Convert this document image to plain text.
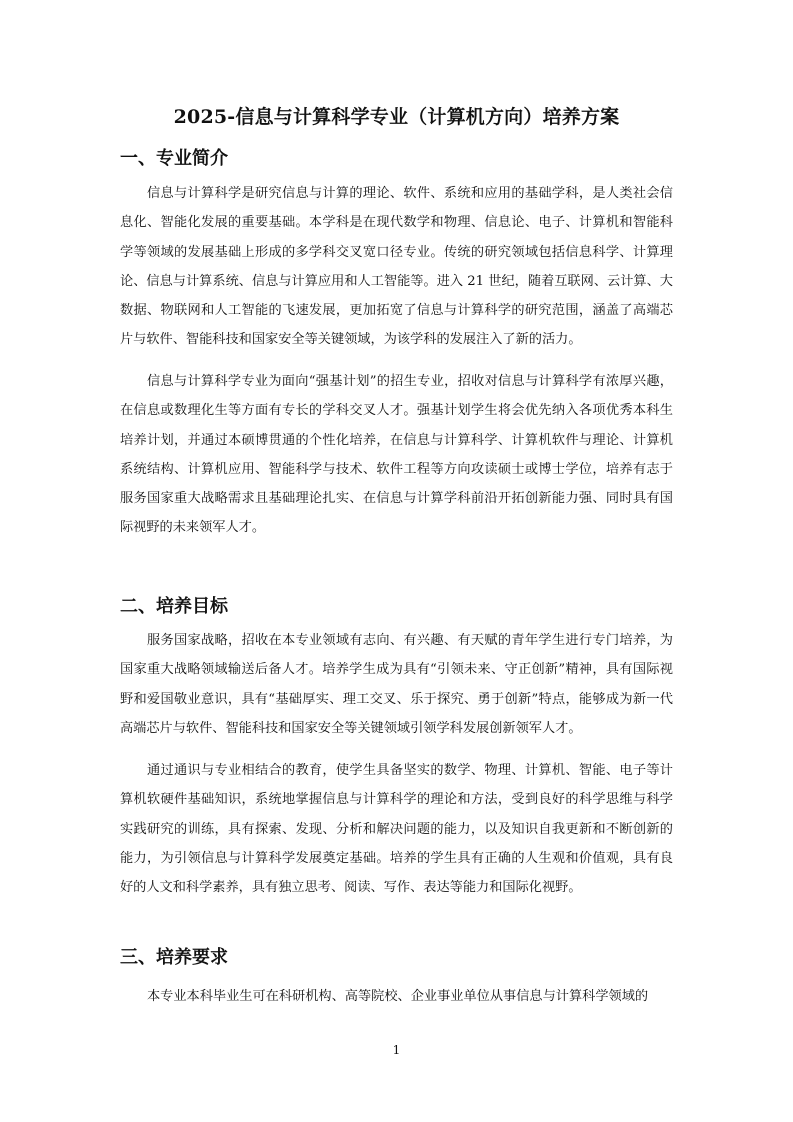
2025-信息与计算科学专业（计算机方向）培养方案
一、专业简介

信息与计算科学是研究信息与计算的理论、软件、系统和应用的基础学科，是人类社会信息化、智能化发展的重要基础。本学科是在现代数学和物理、信息论、电子、计算机和智能科学等领域的发展基础上形成的多学科交叉宽口径专业。传统的研究领域包括信息科学、计算理论、信息与计算系统、信息与计算应用和人工智能等。进入 21 世纪，随着互联网、云计算、大数据、物联网和人工智能的飞速发展，更加拓宽了信息与计算科学的研究范围，涵盖了高端芯片与软件、智能科技和国家安全等关键领域，为该学科的发展注入了新的活力。

信息与计算科学专业为面向“强基计划”的招生专业，招收对信息与计算科学有浓厚兴趣，在信息或数理化生等方面有专长的学科交叉人才。强基计划学生将会优先纳入各项优秀本科生培养计划，并通过本硕博贯通的个性化培养，在信息与计算科学、计算机软件与理论、计算机系统结构、计算机应用、智能科学与技术、软件工程等方向攻读硕士或博士学位，培养有志于服务国家重大战略需求且基础理论扎实、在信息与计算学科前沿开拓创新能力强、同时具有国际视野的未来领军人才。

二、培养目标

服务国家战略，招收在本专业领域有志向、有兴趣、有天赋的青年学生进行专门培养，为国家重大战略领域输送后备人才。培养学生成为具有“引领未来、守正创新”精神，具有国际视野和爱国敬业意识，具有“基础厚实、理工交叉、乐于探究、勇于创新”特点，能够成为新一代高端芯片与软件、智能科技和国家安全等关键领域引领学科发展创新领军人才。

通过通识与专业相结合的教育，使学生具备坚实的数学、物理、计算机、智能、电子等计算机软硬件基础知识，系统地掌握信息与计算科学的理论和方法，受到良好的科学思维与科学实践研究的训练，具有探索、发现、分析和解决问题的能力，以及知识自我更新和不断创新的能力，为引领信息与计算科学发展奠定基础。培养的学生具有正确的人生观和价值观，具有良好的人文和科学素养，具有独立思考、阅读、写作、表达等能力和国际化视野。

三、培养要求

本专业本科毕业生可在科研机构、高等院校、企业事业单位从事信息与计算科学领域的

1
